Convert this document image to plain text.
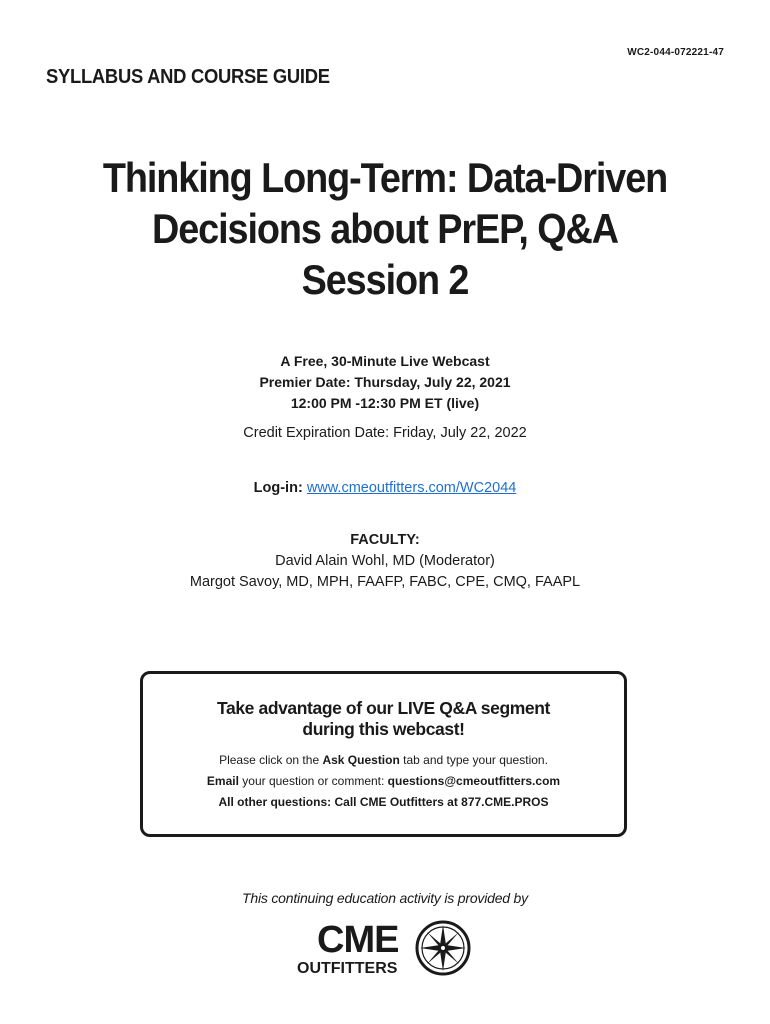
WC2-044-072221-47
SYLLABUS AND COURSE GUIDE
Thinking Long-Term: Data-Driven
Decisions about PrEP, Q&A
Session 2
A Free, 30-Minute Live Webcast
Premier Date: Thursday, July 22, 2021
12:00 PM -12:30 PM ET (live)
Credit Expiration Date: Friday, July 22, 2022
Log-in: www.cmeoutfitters.com/WC2044
FACULTY:
David Alain Wohl, MD (Moderator)
Margot Savoy, MD, MPH, FAAFP, FABC, CPE, CMQ, FAAPL
Take advantage of our LIVE Q&A segment
during this webcast!
Please click on the Ask Question tab and type your question.
Email your question or comment: questions@cmeoutfitters.com
All other questions: Call CME Outfitters at 877.CME.PROS
This continuing education activity is provided by
CME
OUTFITTERS
